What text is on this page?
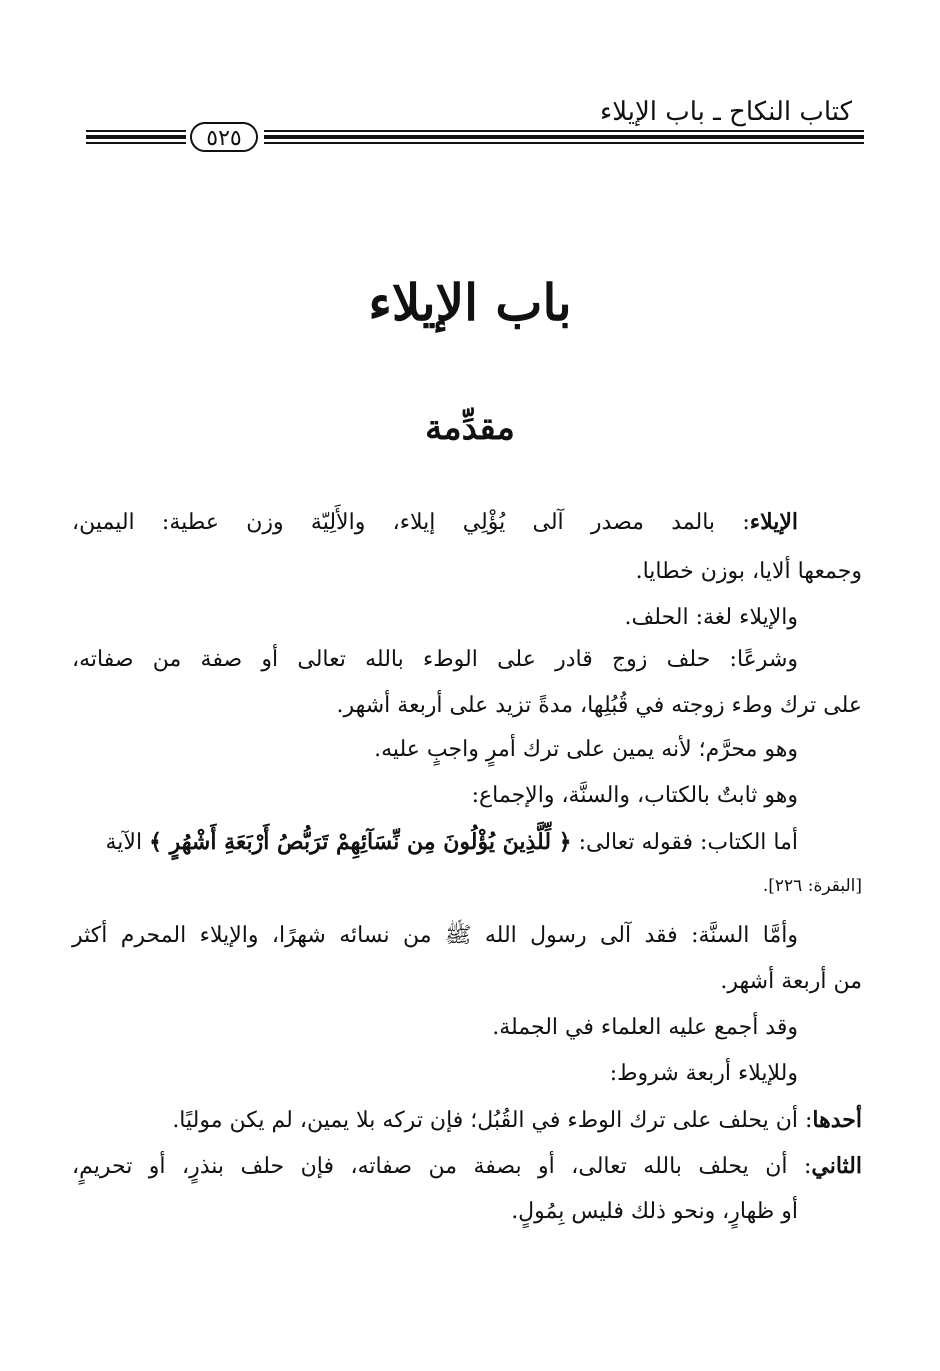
كتاب النكاح ـ باب الإيلاء
٥٢٥
باب الإيلاء
مقدِّمة
الإيلاء: بالمد مصدر آلى يُؤْلِي إيلاء، والأَلِيّة وزن عطية: اليمين،
وجمعها ألايا، بوزن خطايا.
والإيلاء لغة: الحلف.
وشرعًا: حلف زوج قادر على الوطء بالله تعالى أو صفة من صفاته،
على ترك وطء زوجته في قُبُلِها، مدةً تزيد على أربعة أشهر.
وهو محرَّم؛ لأنه يمين على ترك أمرٍ واجبٍ عليه.
وهو ثابتٌ بالكتاب، والسنَّة، والإجماع:
أما الكتاب: فقوله تعالى: ﴿ لِّلَّذِينَ يُؤْلُونَ مِن نِّسَآئِهِمْ تَرَبُّصُ أَرْبَعَةِ أَشْهُرٍ ﴾ الآية
[البقرة: ٢٢٦].
وأمَّا السنَّة: فقد آلى رسول الله ﷺ من نسائه شهرًا، والإيلاء المحرم أكثر
من أربعة أشهر.
وقد أجمع عليه العلماء في الجملة.
وللإيلاء أربعة شروط:
أحدها: أن يحلف على ترك الوطء في القُبُل؛ فإن تركه بلا يمين، لم يكن موليًا.
الثاني: أن يحلف بالله تعالى، أو بصفة من صفاته، فإن حلف بنذرٍ، أو تحريمٍ،
أو ظهارٍ، ونحو ذلك فليس بِمُولٍ.
